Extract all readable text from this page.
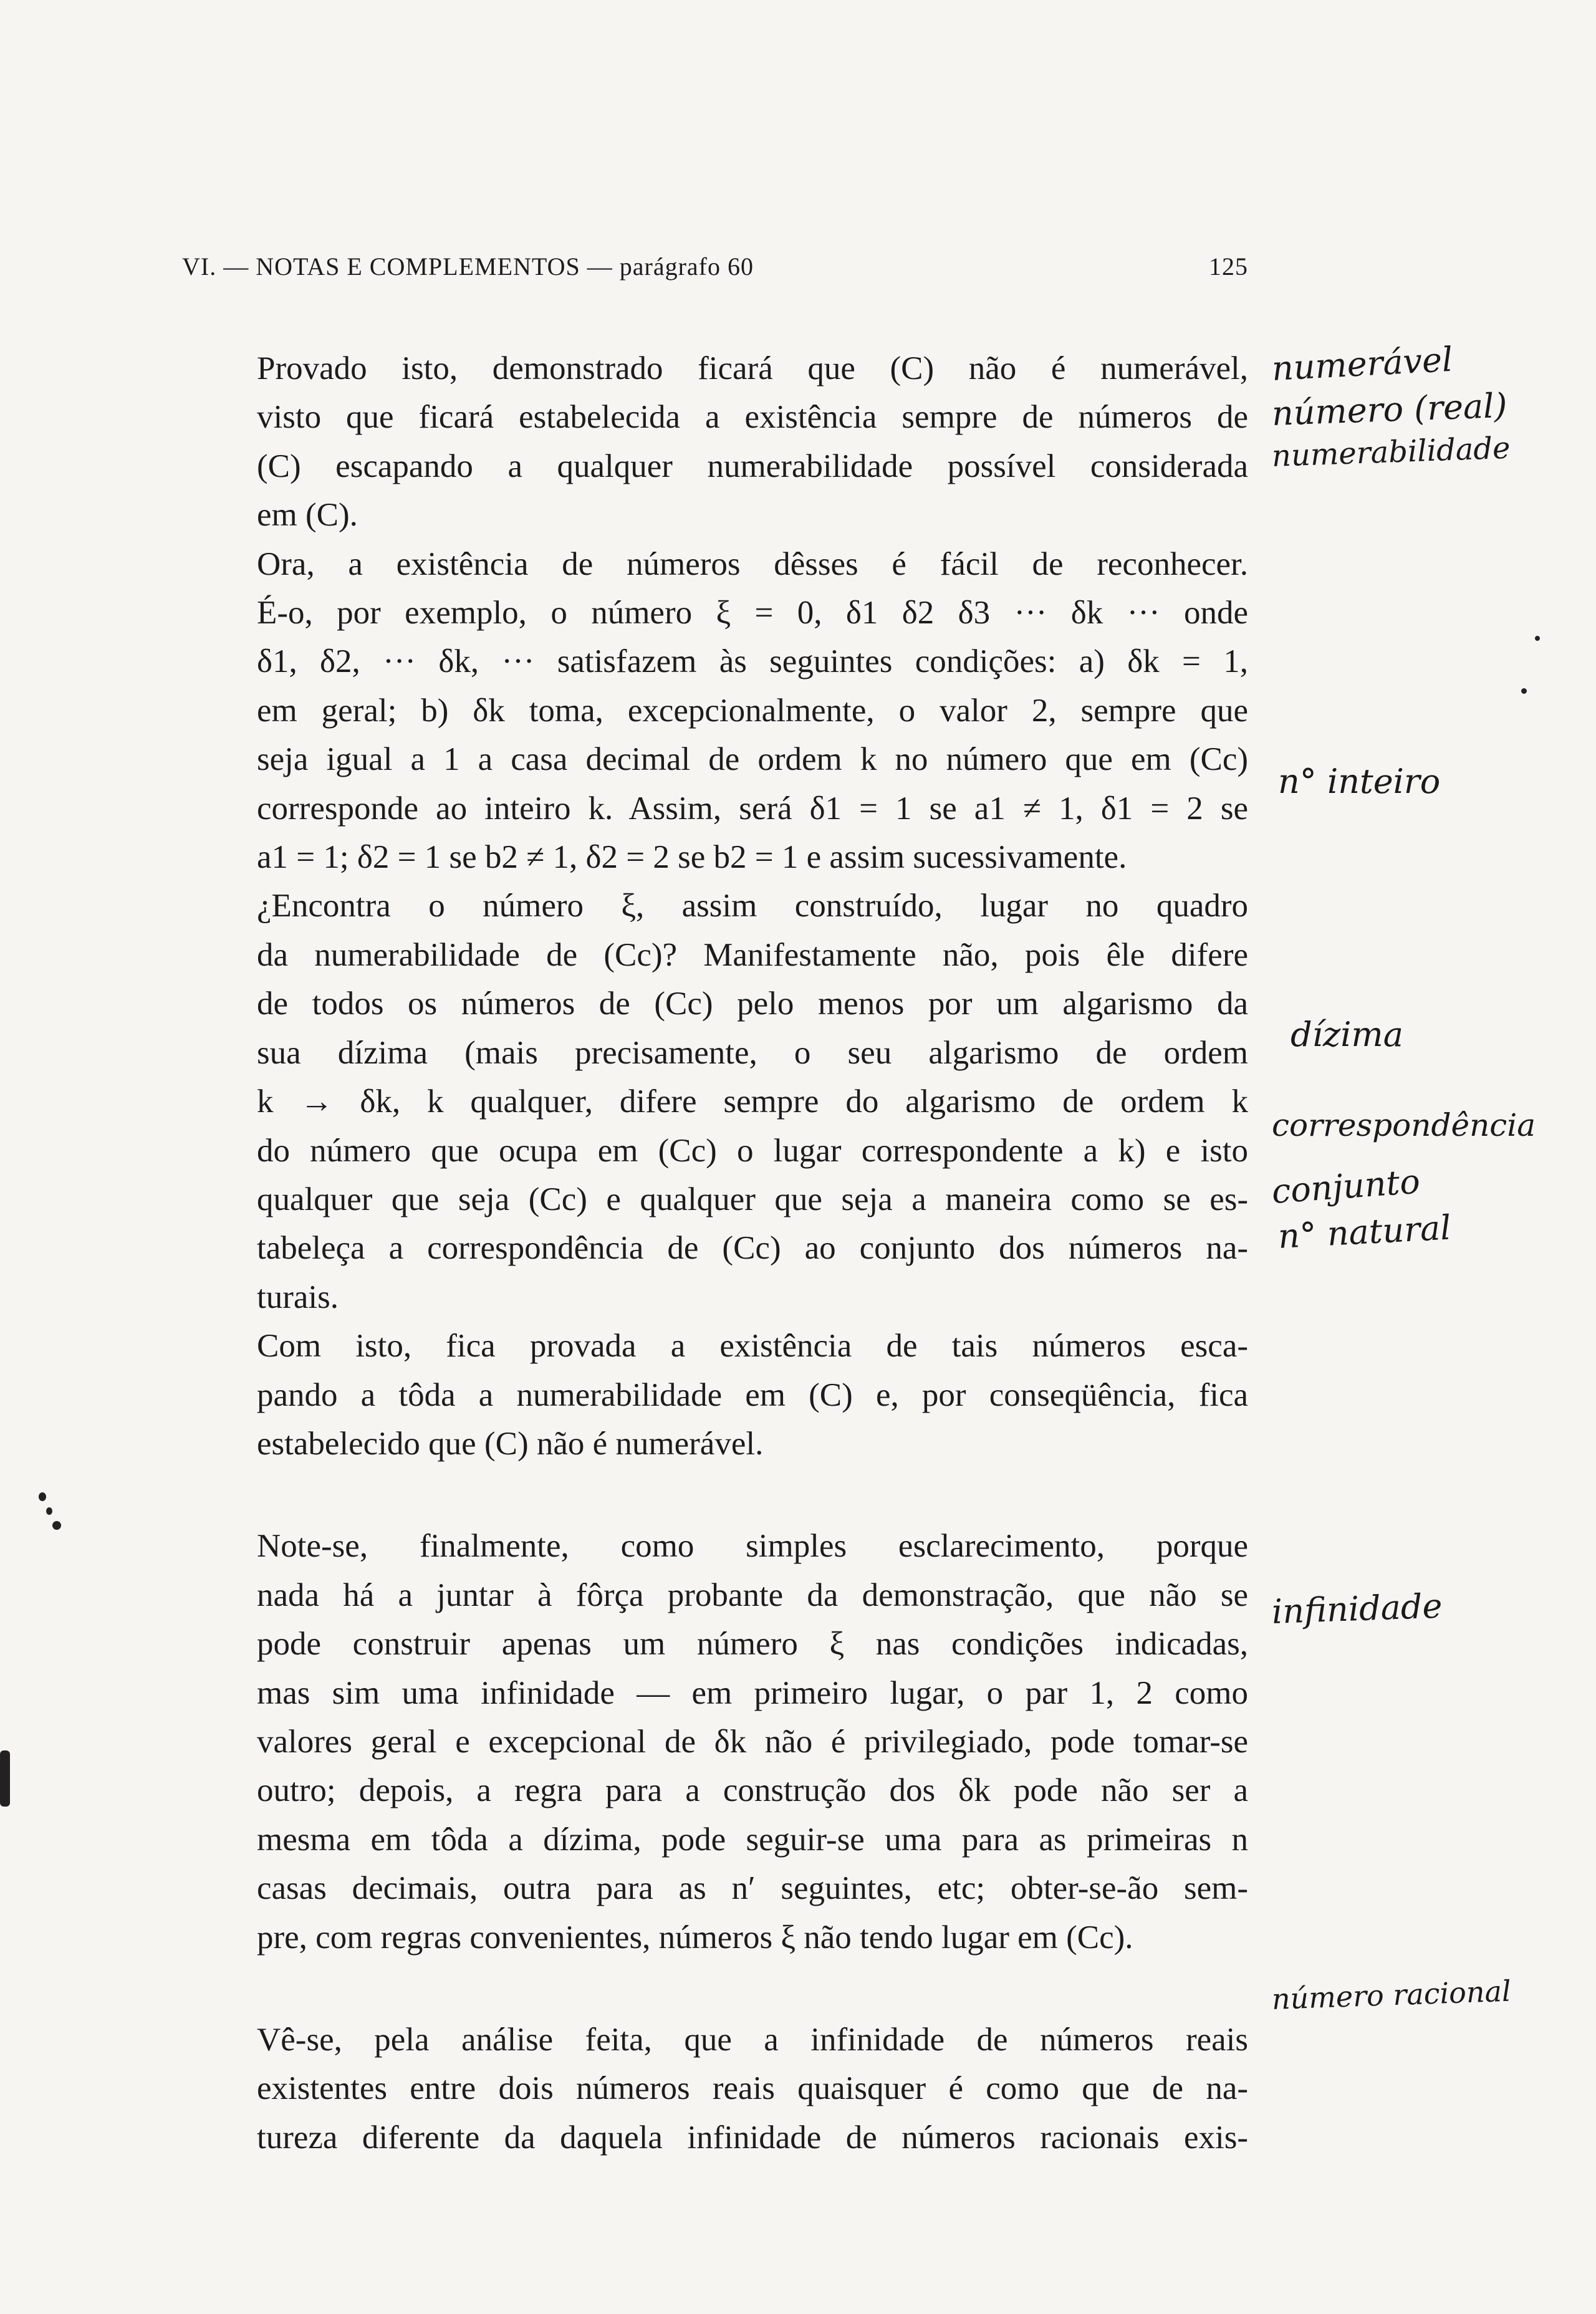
VI. — NOTAS E COMPLEMENTOS — parágrafo 60	125

Provado isto, demonstrado ficará que (C) não é numerável,
visto que ficará estabelecida a existência sempre de números de
(C) escapando a qualquer numerabilidade possível considerada
em (C).

Ora, a existência de números dêsses é fácil de reconhecer.
É-o, por exemplo, o número ξ = 0, δ1 δ2 δ3 ··· δk ··· onde
δ1, δ2, ··· δk, ··· satisfazem às seguintes condições: a) δk = 1,
em geral; b) δk toma, excepcionalmente, o valor 2, sempre que
seja igual a 1 a casa decimal de ordem k no número que em (Cc)
corresponde ao inteiro k. Assim, será δ1 = 1 se a1 ≠ 1, δ1 = 2 se
a1 = 1; δ2 = 1 se b2 ≠ 1, δ2 = 2 se b2 = 1 e assim sucessivamente.

¿Encontra o número ξ, assim construído, lugar no quadro
da numerabilidade de (Cc)? Manifestamente não, pois êle difere
de todos os números de (Cc) pelo menos por um algarismo da
sua dízima (mais precisamente, o seu algarismo de ordem
k → δk, k qualquer, difere sempre do algarismo de ordem k
do número que ocupa em (Cc) o lugar correspondente a k) e isto
qualquer que seja (Cc) e qualquer que seja a maneira como se es-
tabeleça a correspondência de (Cc) ao conjunto dos números na-
turais.

Com isto, fica provada a existência de tais números esca-
pando a tôda a numerabilidade em (C) e, por conseqüência, fica
estabelecido que (C) não é numerável.

Note-se, finalmente, como simples esclarecimento, porque
nada há a juntar à fôrça probante da demonstração, que não se
pode construir apenas um número ξ nas condições indicadas,
mas sim uma infinidade — em primeiro lugar, o par 1, 2 como
valores geral e excepcional de δk não é privilegiado, pode tomar-se
outro; depois, a regra para a construção dos δk pode não ser a
mesma em tôda a dízima, pode seguir-se uma para as primeiras n
casas decimais, outra para as n′ seguintes, etc; obter-se-ão sem-
pre, com regras convenientes, números ξ não tendo lugar em (Cc).

Vê-se, pela análise feita, que a infinidade de números reais
existentes entre dois números reais quaisquer é como que de na-
tureza diferente da daquela infinidade de números racionais exis-

numerável
número (real)
numerabilidade
n° inteiro
dízima
correspondência
conjunto
n° natural
infinidade
número racional
